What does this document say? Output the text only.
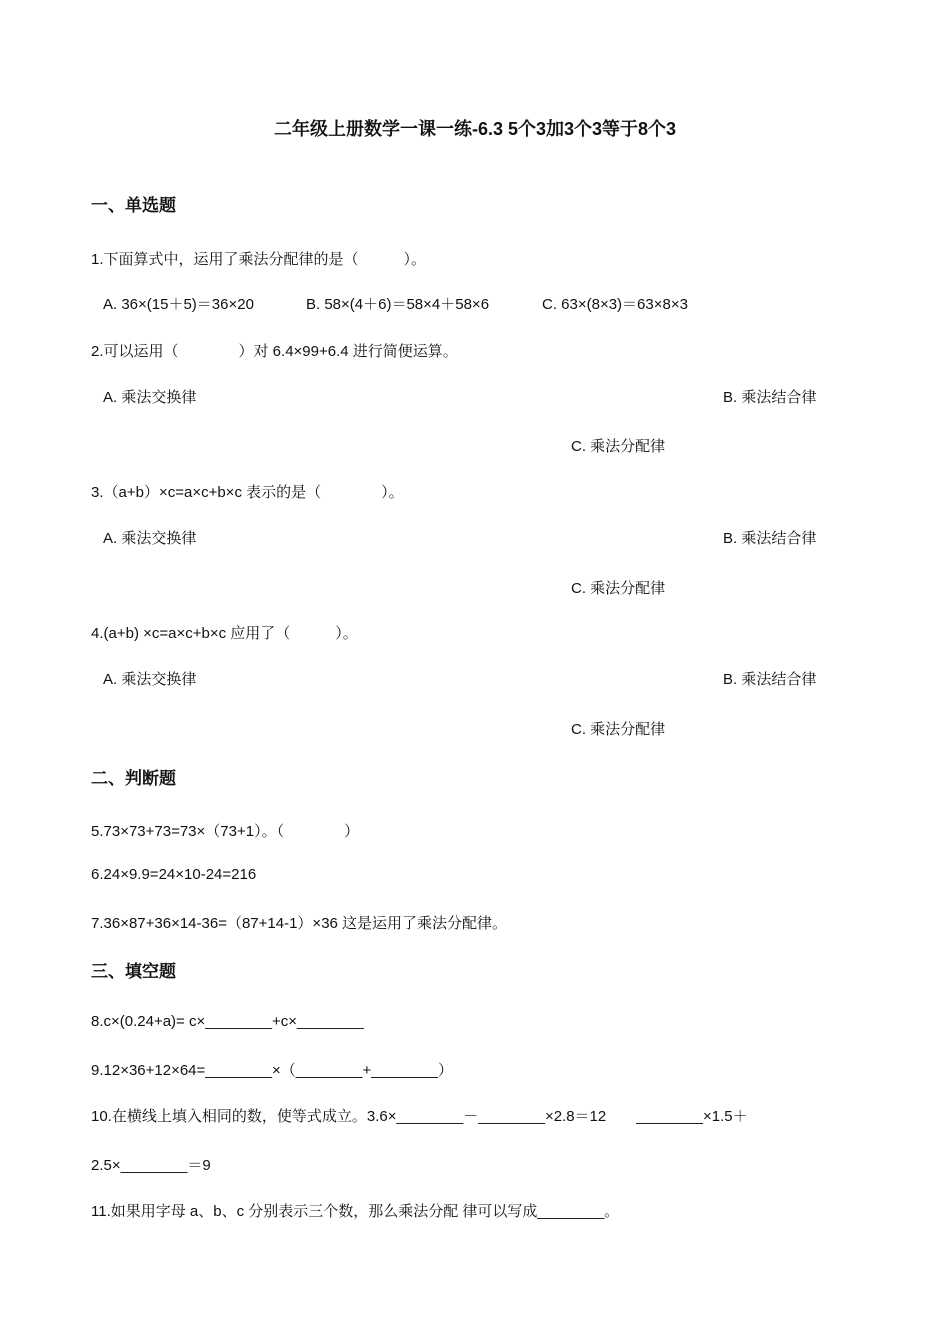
二年级上册数学一课一练-6.3 5个3加3个3等于8个3
一、单选题
1.下面算式中，运用了乘法分配律的是（　　　）。
A. 36×(15＋5)＝36×20	B. 58×(4＋6)＝58×4＋58×6	C. 63×(8×3)＝63×8×3
2.可以运用（　　　　）对 6.4×99+6.4 进行简便运算。
A. 乘法交换律	B. 乘法结合律
C. 乘法分配律
3.（a+b）×c=a×c+b×c 表示的是（　　　　）。
A. 乘法交换律	B. 乘法结合律
C. 乘法分配律
4.(a+b) ×c=a×c+b×c 应用了（　　　）。
A. 乘法交换律	B. 乘法结合律
C. 乘法分配律
二、判断题
5.73×73+73=73×（73+1）。（　　　　）
6.24×9.9=24×10-24=216
7.36×87+36×14-36=（87+14-1）×36 这是运用了乘法分配律。
三、填空题
8.c×(0.24+a)= c×________+c×________
9.12×36+12×64=________×（________+________）
10.在横线上填入相同的数，使等式成立。3.6×________－________×2.8＝12　　________×1.5＋
2.5×________＝9
11.如果用字母 a、b、c 分别表示三个数，那么乘法分配 律可以写成________。
